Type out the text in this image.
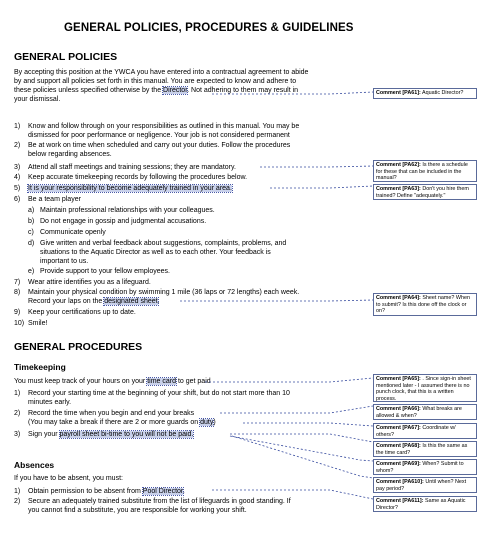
GENERAL POLICIES, PROCEDURES & GUIDELINES
GENERAL POLICIES
By accepting this position at the YWCA you have entered into a contractual agreement to abide
by and support all policies set forth in this manual. You are expected to know and adhere to
these policies unless specified otherwise by the Director. Not adhering to them may result in
your dismissal.
1) Know and follow through on your responsibilities as outlined in this manual. You may be
dismissed for poor performance or negligence. Your job is not considered permanent
2) Be at work on time when scheduled and carry out your duties. Follow the procedures
below regarding absences.
3) Attend all staff meetings and training sessions; they are mandatory.
4) Keep accurate timekeeping records by following the procedures below.
5) It is your responsibility to become adequately trained in your area.
6) Be a team player
a) Maintain professional relationships with your colleagues.
b) Do not engage in gossip and judgmental accusations.
c) Communicate openly
d) Give written and verbal feedback about suggestions, complaints, problems, and
situations to the Aquatic Director as well as to each other. Your feedback is
important to us.
e) Provide support to your fellow employees.
7) Wear attire identifies you as a lifeguard.
8) Maintain your physical condition by swimming 1 mile (36 laps or 72 lengths) each week.
Record your laps on the designated sheet.
9) Keep your certifications up to date.
10) Smile!
GENERAL PROCEDURES
Timekeeping
You must keep track of your hours on your time card to get paid
1) Record your starting time at the beginning of your shift, but do not start more than 10
minutes early.
2) Record the time when you begin and end your breaks
(You may take a break if there are 2 or more guards on duty)
3) Sign your payroll sheet bi-time to you will not be paid.
Absences
If you have to be absent, you must:
1) Obtain permission to be absent from Pool Director.
2) Secure an adequately trained substitute from the list of lifeguards in good standing. If
you cannot find a substitute, you are responsible for working your shift.
Comment [PA61]: Aquatic Director?
Comment [PA62]: Is there a schedule for these that can be included in the manual?
Comment [PA63]: Don't you hire them trained? Define "adequately."
Comment [PA64]: Sheet name? When to submit? Is this done off the clock or on?
Comment [PA65]: . Since sign-in sheet mentioned later - I assumed there is no punch clock, that this is a written process.
Comment [PA66]: What breaks are allowed & when?
Comment [PA67]: Coordinate w/ others?
Comment [PA68]: Is this the same as the time card?
Comment [PA69]: When? Submit to whom?
Comment [PA610]: Until when? Next pay period?
Comment [PA611]: Same as Aquatic Director?
